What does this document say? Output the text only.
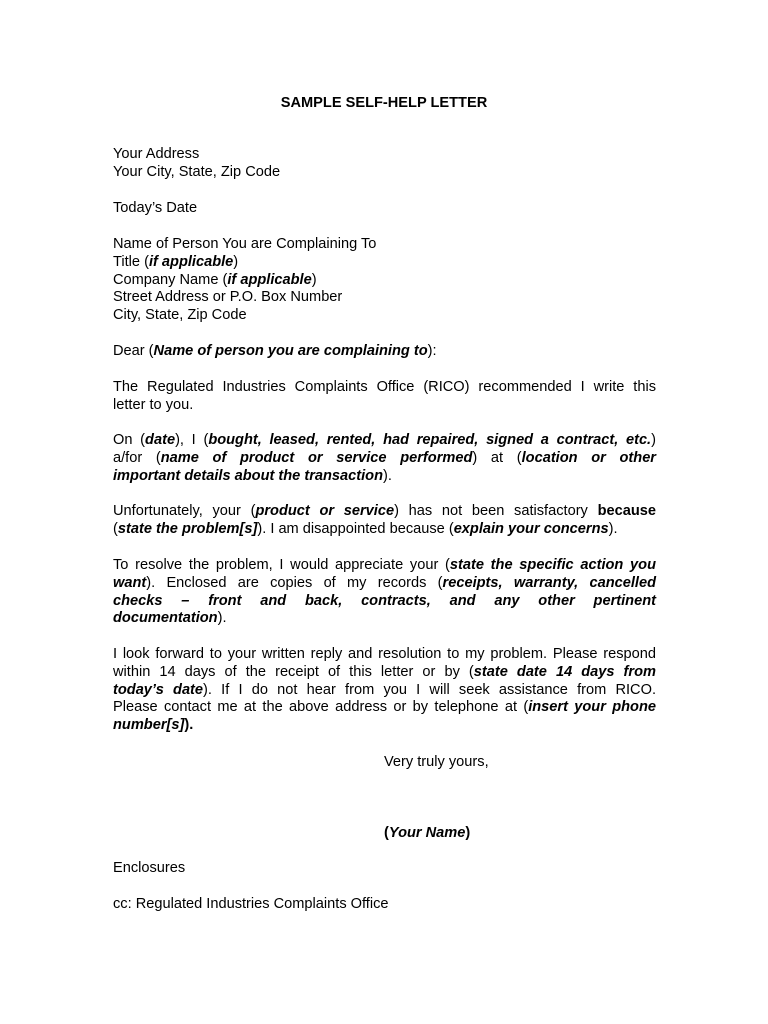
SAMPLE SELF-HELP LETTER
Your Address
Your City, State, Zip Code
Today’s Date
Name of Person You are Complaining To
Title (if applicable)
Company Name (if applicable)
Street Address or P.O. Box Number
City, State, Zip Code
Dear (Name of person you are complaining to):
The Regulated Industries Complaints Office (RICO) recommended I write this
letter to you.
On (date), I (bought, leased, rented, had repaired, signed a contract, etc.)
a/for (name of product or service performed) at (location or other
important details about the transaction).
Unfortunately, your (product or service) has not been satisfactory because
(state the problem[s]). I am disappointed because (explain your concerns).
To resolve the problem, I would appreciate your (state the specific action you
want). Enclosed are copies of my records (receipts, warranty, cancelled
checks – front and back, contracts, and any other pertinent
documentation).
I look forward to your written reply and resolution to my problem. Please respond
within 14 days of the receipt of this letter or by (state date 14 days from
today’s date). If I do not hear from you I will seek assistance from RICO.
Please contact me at the above address or by telephone at (insert your phone
number[s]).
Very truly yours,
(Your Name)
Enclosures
cc: Regulated Industries Complaints Office
